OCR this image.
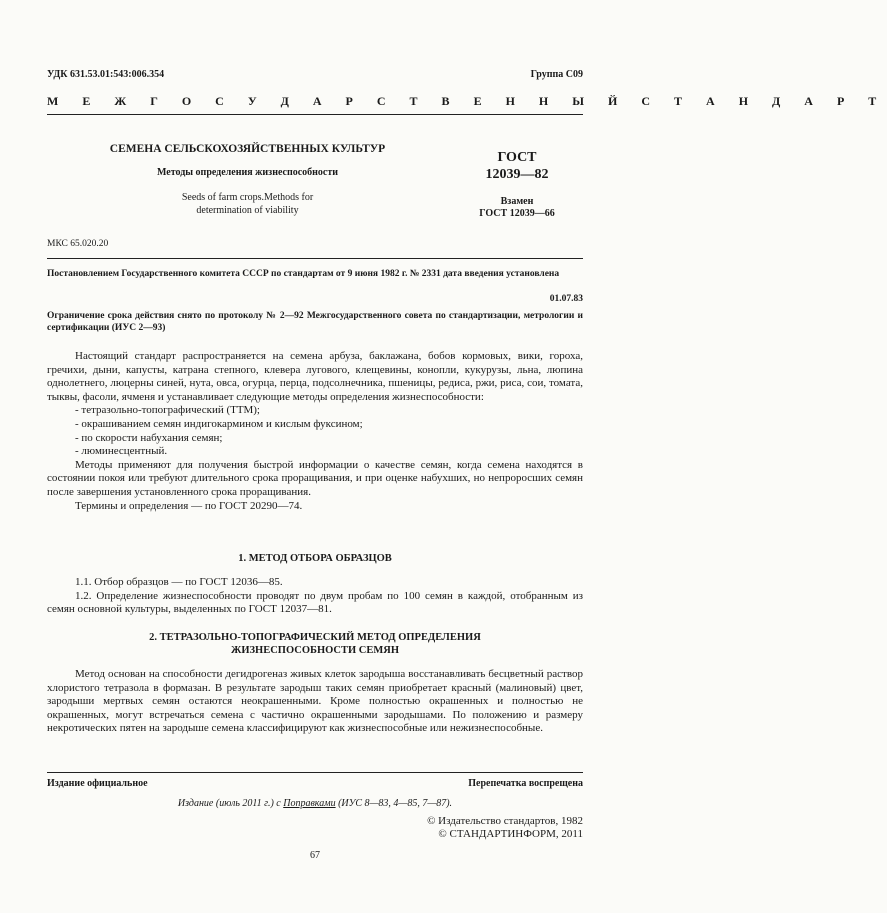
УДК 631.53.01:543:006.354	Группа С09
М Е Ж Г О С У Д А Р С Т В Е Н Н Ы Й С Т А Н Д А Р Т
СЕМЕНА СЕЛЬСКОХОЗЯЙСТВЕННЫХ КУЛЬТУР
Методы определения жизнеспособности
Seeds of farm crops.Methods for
determination of viability
ГОСТ
12039—82
Взамен
ГОСТ 12039—66
МКС 65.020.20
Постановлением Государственного комитета СССР по стандартам от 9 июня 1982 г. № 2331 дата введения установлена
01.07.83
Ограничение срока действия снято по протоколу № 2—92 Межгосударственного совета по стандартизации, метрологии и сертификации (ИУС 2—93)

Настоящий стандарт распространяется на семена арбуза, баклажана, бобов кормовых, вики, гороха, гречихи, дыни, капусты, катрана степного, клевера лугового, клещевины, конопли, кукурузы, льна, люпина однолетнего, люцерны синей, нута, овса, огурца, перца, подсолнечника, пшеницы, редиса, ржи, риса, сои, томата, тыквы, фасоли, ячменя и устанавливает следующие методы определения жизнеспособности:

- тетразольно-топографический (ТТМ);

- окрашиванием семян индигокармином и кислым фуксином;

- по скорости набухания семян;

- люминесцентный.

Методы применяют для получения быстрой информации о качестве семян, когда семена находятся в состоянии покоя или требуют длительного срока проращивания, и при оценке набухших, но непроросших семян после завершения установленного срока проращивания.

Термины и определения — по ГОСТ 20290—74.

1. МЕТОД ОТБОРА ОБРАЗЦОВ

1.1. Отбор образцов — по ГОСТ 12036—85.

1.2. Определение жизнеспособности проводят по двум пробам по 100 семян в каждой, отобранным из семян основной культуры, выделенных по ГОСТ 12037—81.

2. ТЕТРАЗОЛЬНО-ТОПОГРАФИЧЕСКИЙ МЕТОД ОПРЕДЕЛЕНИЯ
ЖИЗНЕСПОСОБНОСТИ СЕМЯН

Метод основан на способности дегидрогеназ живых клеток зародыша восстанавливать бесцветный раствор хлористого тетразола в формазан. В результате зародыш таких семян приобретает красный (малиновый) цвет, зародыши мертвых семян остаются неокрашенными. Кроме полностью окрашенных и полностью не окрашенных, могут встречаться семена с частично окрашенными зародышами. По положению и размеру некротических пятен на зародыше семена классифицируют как жизнеспособные или нежизнеспособные.

Издание официальное	Перепечатка воспрещена
Издание (июль 2011 г.) с Поправками (ИУС 8—83, 4—85, 7—87).
© Издательство стандартов, 1982
© СТАНДАРТИНФОРМ, 2011
67
